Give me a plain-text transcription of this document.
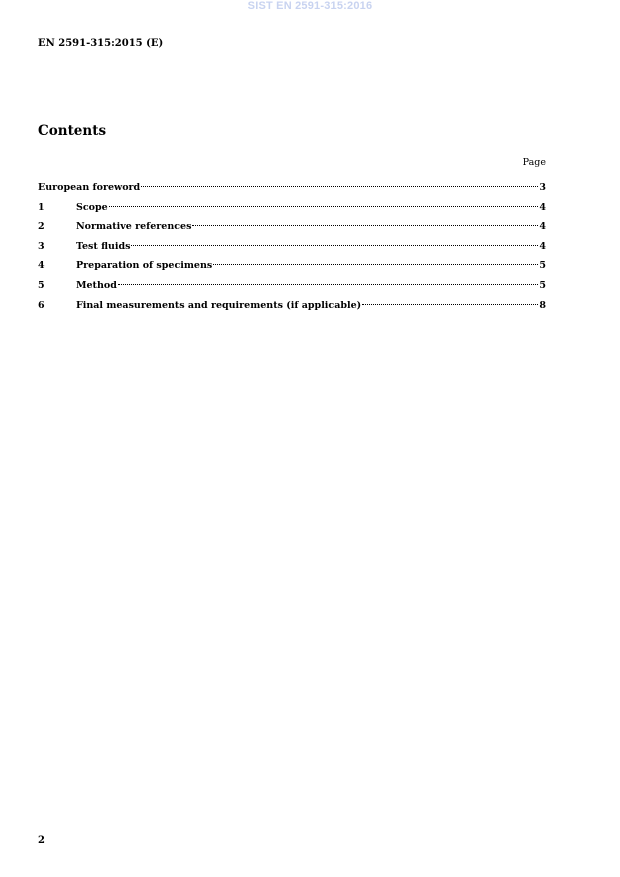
SIST EN 2591-315:2016
EN 2591-315:2015 (E)
Contents
Page
European foreword	3
1	Scope	4
2	Normative references	4
3	Test fluids	4
4	Preparation of specimens	5
5	Method	5
6	Final measurements and requirements (if applicable)	8
2
